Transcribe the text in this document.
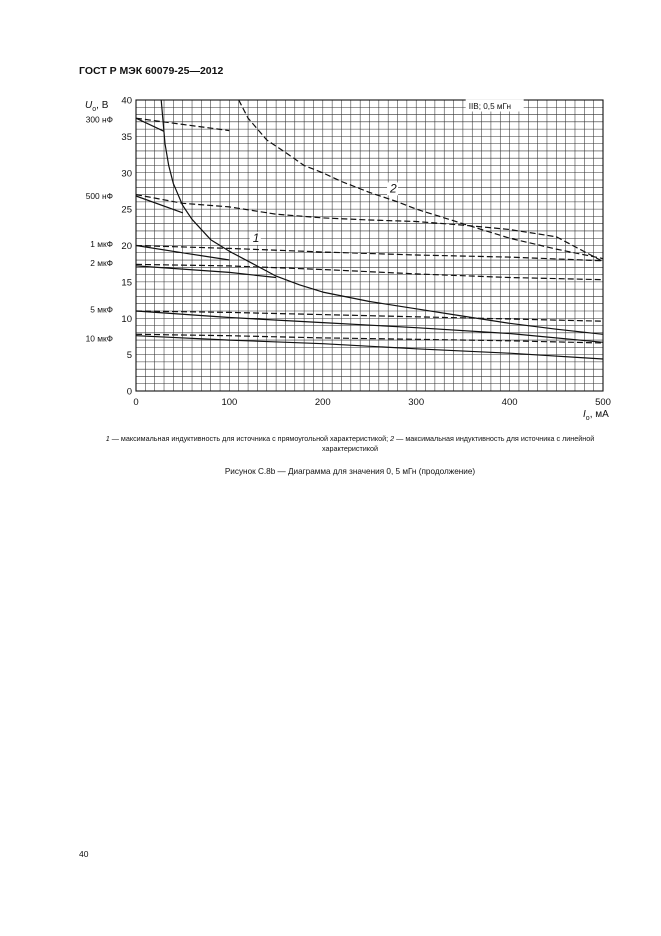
ГОСТ Р МЭК 60079-25—2012
0	100	200	300	400	500
0
5
10
15
20
25
30
35
40
IIB; 0,5 мГн
1
2
300 нФ
500 нФ
1 мкФ
2 мкФ
5 мкФ
10 мкФ
$U_o$, В
$I_o$, мА
1 — максимальная индуктивность для источника с прямоугольной характеристикой; 2 — максимальная индуктивность для источника с линейной характеристикой
Рисунок С.8b — Диаграмма для значения 0, 5 мГн (продолжение)
40
